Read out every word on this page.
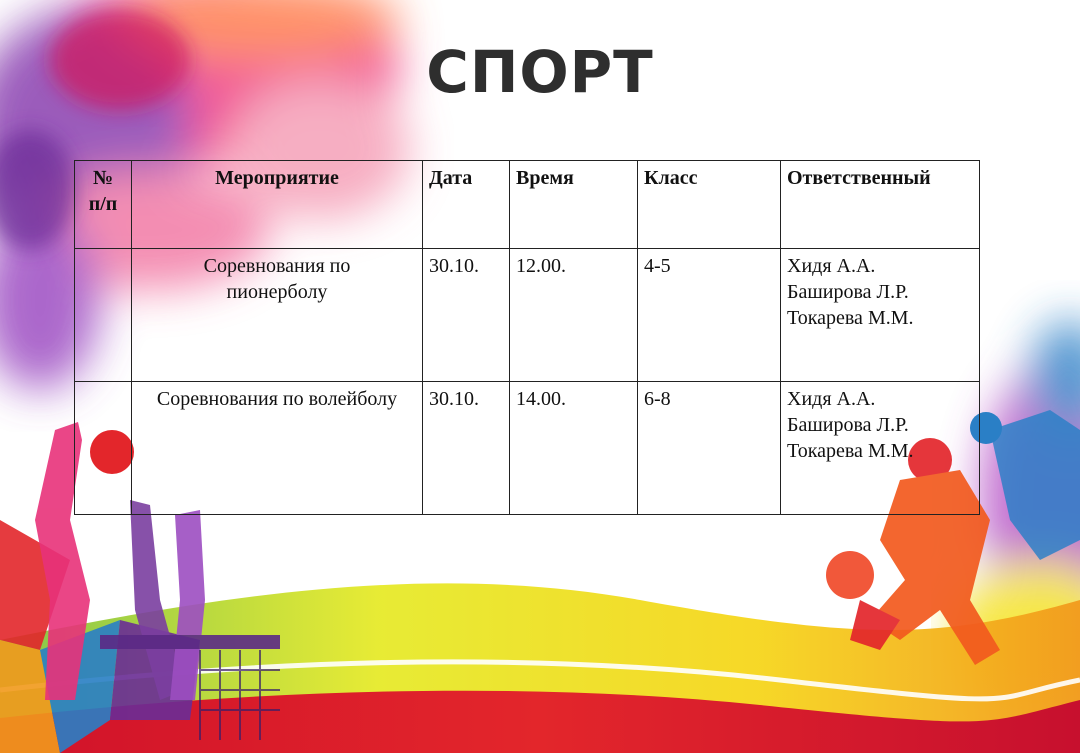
СПОРТ
№
п/п	Мероприятие	Дата	Время	Класс	Ответственный

	Соревнования по
пионерболу	30.10.	12.00.	4-5	Хидя А.А.
Баширова Л.Р.
Токарева М.М.

	Соревнования по волейболу	30.10.	14.00.	6-8	Хидя А.А.
Баширова Л.Р.
Токарева М.М.
